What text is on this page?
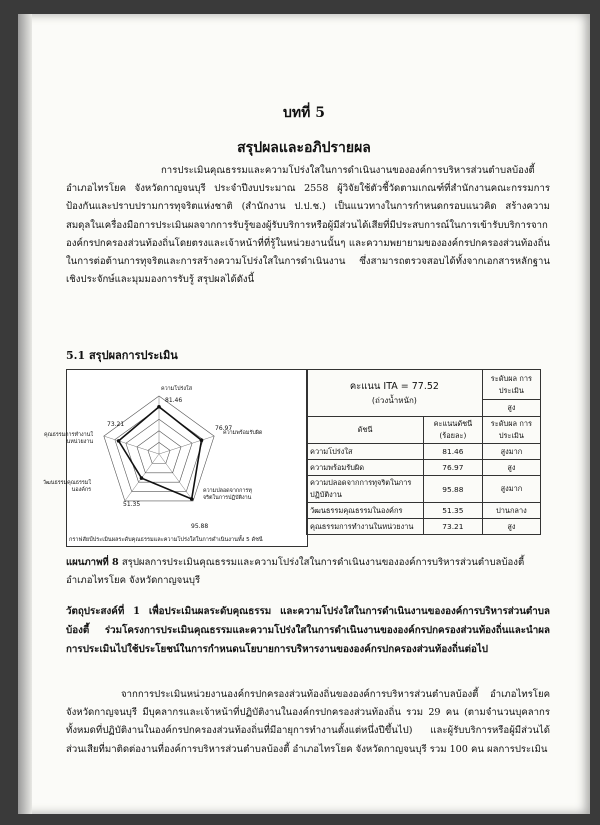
บทที่ 5
สรุปผลและอภิปรายผล
การประเมินคุณธรรมและความโปร่งใสในการดำเนินงานขององค์การบริหารส่วนตำบลบ้องตี้ อำเภอไทรโยค จังหวัดกาญจนบุรี ประจำปีงบประมาณ 2558 ผู้วิจัยใช้ตัวชี้วัดตามเกณฑ์ที่สำนักงานคณะกรรมการป้องกันและปราบปรามการทุจริตแห่งชาติ (สำนักงาน ป.ป.ช.) เป็นแนวทางในการกำหนดกรอบแนวคิด สร้างความสมดุลในเครื่องมือการประเมินผลจากการรับรู้ของผู้รับบริการหรือผู้มีส่วนได้เสียที่มีประสบการณ์ในการเข้ารับบริการจากองค์กรปกครองส่วนท้องถิ่นโดยตรงและเจ้าหน้าที่ที่รู้ในหน่วยงานนั้นๆ และความพยายามขององค์กรปกครองส่วนท้องถิ่นในการต่อต้านการทุจริตและการสร้างความโปร่งใสในการดำเนินงาน ซึ่งสามารถตรวจสอบได้ทั้งจากเอกสารหลักฐานเชิงประจักษ์และมุมมองการรับรู้ สรุปผลได้ดังนี้
5.1 สรุปผลการประเมิน
ความโปร่งใส
81.46
ความพร้อมรับผิด
76.97
ความปลอดจากการทุ
จริตในการปฏิบัติงาน
95.88
วัฒนธรรมคุณธรรมใ
นองค์กร
51.35
คุณธรรมการทำงานใ
นหน่วยงาน
73.21
กราฟสัยป์ประเมินผลระดับคุณธรรมและความโปร่งใสในการดำเนินงานทั้ง 5 ดัชนี
คะแนน ITA = 77.52
(ถ่วงน้ำหนัก)		ระดับผล การประเมิน
		สูง
ดัชนี	คะแนนดัชนี (ร้อยละ)	ระดับผล การประเมิน
ความโปร่งใส	81.46	สูงมาก
ความพร้อมรับผิด	76.97	สูง
ความปลอดจากการทุจริตในการปฏิบัติงาน	95.88	สูงมาก
วัฒนธรรมคุณธรรมในองค์กร	51.35	ปานกลาง
คุณธรรมการทำงานในหน่วยงาน	73.21	สูง
แผนภาพที่ 8 สรุปผลการประเมินคุณธรรมและความโปร่งใสในการดำเนินงานขององค์การบริหารส่วนตำบลบ้องตี้ อำเภอไทรโยค จังหวัดกาญจนบุรี
วัตถุประสงค์ที่ 1 เพื่อประเมินผลระดับคุณธรรม และความโปร่งใสในการดำเนินงานขององค์การบริหารส่วนตำบลบ้องตี้ ร่วมโครงการประเมินคุณธรรมและความโปร่งใสในการดำเนินงานขององค์กรปกครองส่วนท้องถิ่นและนำผลการประเมินไปใช้ประโยชน์ในการกำหนดนโยบายการบริหารงานขององค์กรปกครองส่วนท้องถิ่นต่อไป
จากการประเมินหน่วยงานองค์กรปกครองส่วนท้องถิ่นขององค์การบริหารส่วนตำบลบ้องตี้ อำเภอไทรโยค จังหวัดกาญจนบุรี มีบุคลากรและเจ้าหน้าที่ปฏิบัติงานในองค์กรปกครองส่วนท้องถิ่น รวม 29 คน (ตามจำนวนบุคลากรทั้งหมดที่ปฏิบัติงานในองค์กรปกครองส่วนท้องถิ่นที่มีอายุการทำงานตั้งแต่หนึ่งปีขึ้นไป) และผู้รับบริการหรือผู้มีส่วนได้ส่วนเสียที่มาติดต่องานที่องค์การบริหารส่วนตำบลบ้องตี้ อำเภอไทรโยค จังหวัดกาญจนบุรี รวม 100 คน ผลการประเมิน
